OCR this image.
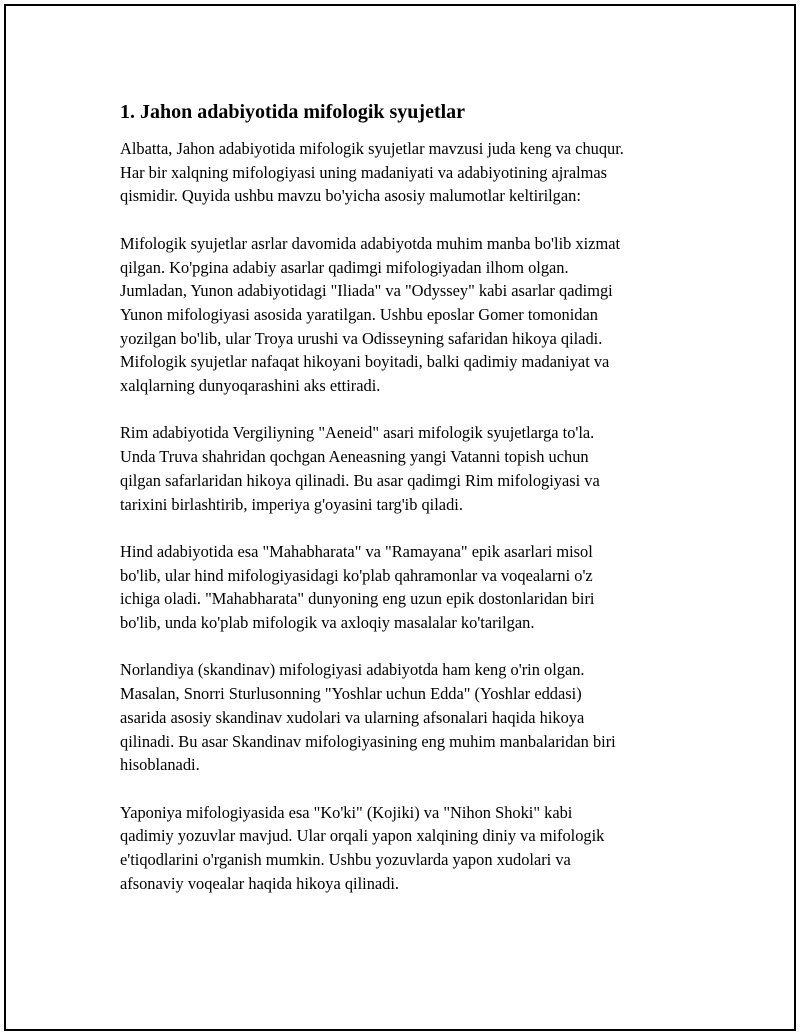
1. Jahon adabiyotida mifologik syujetlar

Albatta, Jahon adabiyotida mifologik syujetlar mavzusi juda keng va chuqur.
Har bir xalqning mifologiyasi uning madaniyati va adabiyotining ajralmas
qismidir. Quyida ushbu mavzu bo'yicha asosiy malumotlar keltirilgan:

Mifologik syujetlar asrlar davomida adabiyotda muhim manba bo'lib xizmat
qilgan. Ko'pgina adabiy asarlar qadimgi mifologiyadan ilhom olgan.
Jumladan, Yunon adabiyotidagi "Iliada" va "Odyssey" kabi asarlar qadimgi
Yunon mifologiyasi asosida yaratilgan. Ushbu eposlar Gomer tomonidan
yozilgan bo'lib, ular Troya urushi va Odisseyning safaridan hikoya qiladi.
Mifologik syujetlar nafaqat hikoyani boyitadi, balki qadimiy madaniyat va
xalqlarning dunyoqarashini aks ettiradi.

Rim adabiyotida Vergiliyning "Aeneid" asari mifologik syujetlarga to'la.
Unda Truva shahridan qochgan Aeneasning yangi Vatanni topish uchun
qilgan safarlaridan hikoya qilinadi. Bu asar qadimgi Rim mifologiyasi va
tarixini birlashtirib, imperiya g'oyasini targ'ib qiladi.

Hind adabiyotida esa "Mahabharata" va "Ramayana" epik asarlari misol
bo'lib, ular hind mifologiyasidagi ko'plab qahramonlar va voqealarni o'z
ichiga oladi. "Mahabharata" dunyoning eng uzun epik dostonlaridan biri
bo'lib, unda ko'plab mifologik va axloqiy masalalar ko'tarilgan.

Norlandiya (skandinav) mifologiyasi adabiyotda ham keng o'rin olgan.
Masalan, Snorri Sturlusonning "Yoshlar uchun Edda" (Yoshlar eddasi)
asarida asosiy skandinav xudolari va ularning afsonalari haqida hikoya
qilinadi. Bu asar Skandinav mifologiyasining eng muhim manbalaridan biri
hisoblanadi.

Yaponiya mifologiyasida esa "Ko'ki" (Kojiki) va "Nihon Shoki" kabi
qadimiy yozuvlar mavjud. Ular orqali yapon xalqining diniy va mifologik
e'tiqodlarini o'rganish mumkin. Ushbu yozuvlarda yapon xudolari va
afsonaviy voqealar haqida hikoya qilinadi.
